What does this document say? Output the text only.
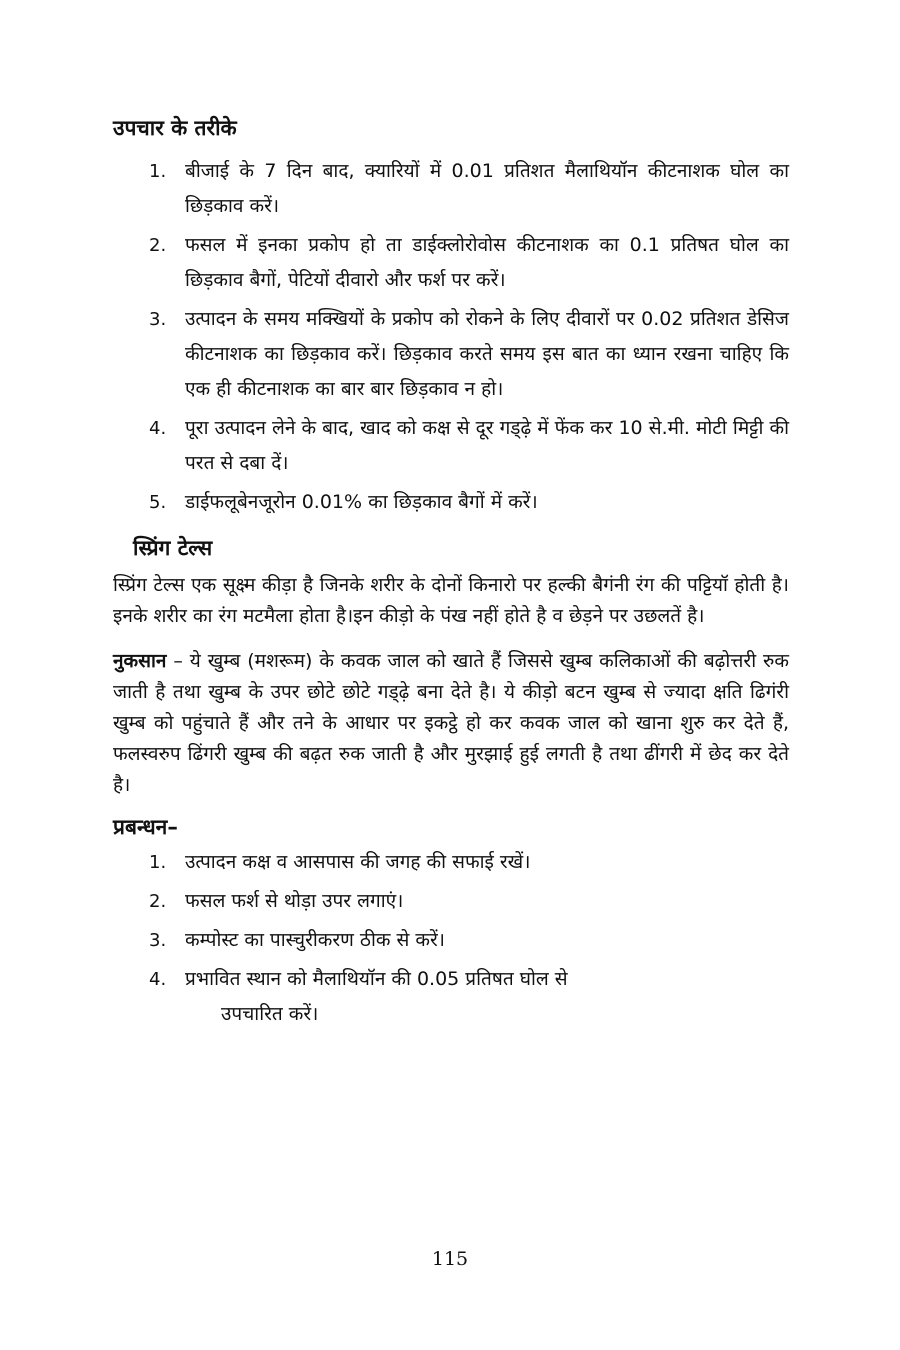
उपचार के तरीके
1. बीजाई के 7 दिन बाद, क्यारियों में 0.01 प्रतिशत मैलाथियॉन कीटनाशक घोल का छिड़काव करें।
2. फसल में इनका प्रकोप हो ता डाईक्लोरोवोस कीटनाशक का 0.1 प्रतिषत घोल का छिड़काव बैगों, पेटियों दीवारो और फर्श पर करें।
3. उत्पादन के समय मक्खियों के प्रकोप को रोकने के लिए दीवारों पर 0.02 प्रतिशत डेसिज कीटनाशक का छिड़काव करें। छिड़काव करते समय इस बात का ध्यान रखना चाहिए कि एक ही कीटनाशक का बार बार छिड़काव न हो।
4. पूरा उत्पादन लेने के बाद, खाद को कक्ष से दूर गड्ढ़े में फेंक कर 10 से.मी. मोटी मिट्टी की परत से दबा दें।
5. डाईफलूबेनजूरोन 0.01% का छिड़काव बैगों में करें।
स्प्रिंग टेल्स

स्प्रिंग टेल्स एक सूक्ष्म कीड़ा है जिनके शरीर के दोनों किनारो पर हल्की बैगंनी रंग की पट्टियॉ होती है। इनके शरीर का रंग मटमैला होता है।इन कीड़ो के पंख नहीं होते है व छेड़ने पर उछलतें है।

नुकसान – ये खुम्ब (मशरूम) के कवक जाल को खाते हैं जिससे खुम्ब कलिकाओं की बढ़ोत्तरी रुक जाती है तथा खुम्ब के उपर छोटे छोटे गड्ढ़े बना देते है। ये कीड़ो बटन खुम्ब से ज्यादा क्षति ढिगंरी खुम्ब को पहुंचाते हैं और तने के आधार पर इकट्ठे हो कर कवक जाल को खाना शुरु कर देते हैं, फलस्वरुप ढिंगरी खुम्ब की बढ़त रुक जाती है और मुरझाई हुई लगती है तथा ढींगरी में छेद कर देते है।

प्रबन्धन–
1. उत्पादन कक्ष व आसपास की जगह की सफाई रखें।
2. फसल फर्श से थोड़ा उपर लगाएं।
3. कम्पोस्ट का पास्चुरीकरण ठीक से करें।
4. प्रभावित स्थान को मैलाथियॉन की 0.05 प्रतिषत घोल से
उपचारित करें।
115
